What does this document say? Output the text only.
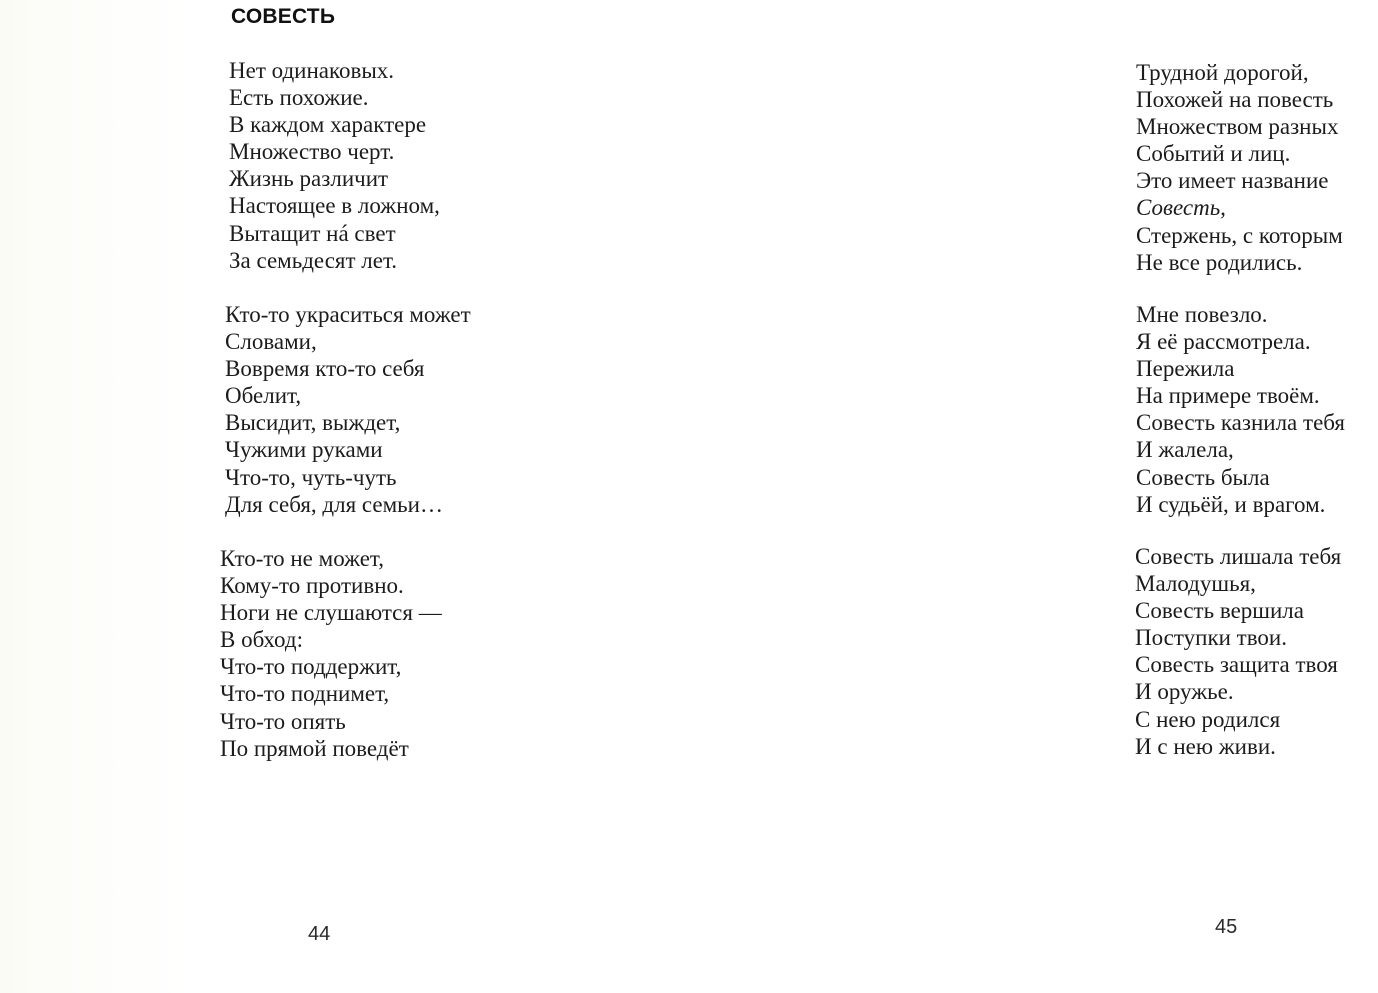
СОВЕСТЬ
Нет одинаковых.
Есть похожие.
В каждом характере
Множество черт.
Жизнь различит
Настоящее в ложном,
Вытащит нá свет
За семьдесят лет.
Кто-то украситься может
Словами,
Вовремя кто-то себя
Обелит,
Высидит, выждет,
Чужими руками
Что-то, чуть-чуть
Для себя, для семьи…
Кто-то не может,
Кому-то противно.
Ноги не слушаются —
В обход:
Что-то поддержит,
Что-то поднимет,
Что-то опять
По прямой поведёт

44

Трудной дорогой,
Похожей на повесть
Множеством разных
Событий и лиц.
Это имеет название
Совесть,
Стержень, с которым
Не все родились.
Мне повезло.
Я её рассмотрела.
Пережила
На примере твоём.
Совесть казнила тебя
И жалела,
Совесть была
И судьёй, и врагом.
Совесть лишала тебя
Малодушья,
Совесть вершила
Поступки твои.
Совесть защита твоя
И оружье.
С нею родился
И с нею живи.

45
